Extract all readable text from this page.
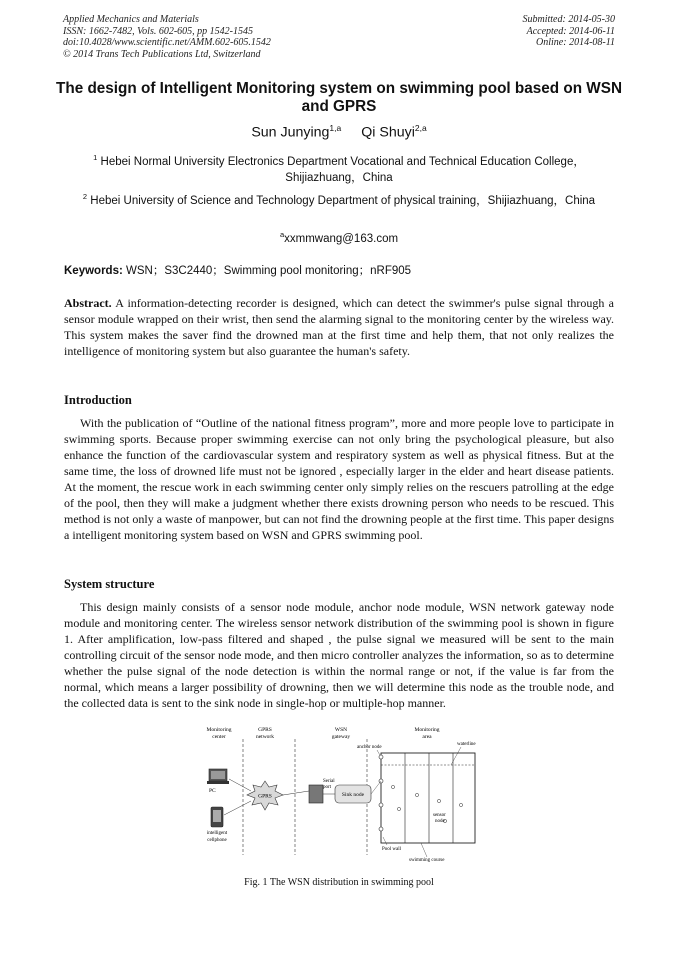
Applied Mechanics and Materials
ISSN: 1662-7482, Vols. 602-605, pp 1542-1545
doi:10.4028/www.scientific.net/AMM.602-605.1542
© 2014 Trans Tech Publications Ltd, Switzerland
Submitted: 2014-05-30
Accepted: 2014-06-11
Online: 2014-08-11
The design of Intelligent Monitoring system on swimming pool based on WSN and GPRS
Sun Junying$^{1,a}$ Qi Shuyi$^{2,a}$
$^1$ Hebei Normal University Electronics Department Vocational and Technical Education College，Shijiazhuang，China
$^2$ Hebei University of Science and Technology Department of physical training，Shijiazhuang，China
$^a$xxmmwang@163.com
Keywords: WSN；S3C2440；Swimming pool monitoring；nRF905
Abstract. A information-detecting recorder is designed, which can detect the swimmer's pulse signal through a sensor module wrapped on their wrist, then send the alarming signal to the monitoring center by the wireless way. This system makes the saver find the drowned man at the first time and help them, that not only realizes the intelligence of monitoring system but also guarantee the human's safety.
Introduction
With the publication of “Outline of the national fitness program”, more and more people love to participate in swimming sports. Because proper swimming exercise can not only bring the psychological pleasure, but also enhance the function of the cardiovascular system and respiratory system as well as physical fitness. But at the same time, the loss of drowned life must not be ignored , especially larger in the elder and heart disease patients. At the moment, the rescue work in each swimming center only simply relies on the rescuers patrolling at the edge of the pool, then they will make a judgment whether there exists drowning person who needs to be rescued. This method is not only a waste of manpower, but can not find the drowning people at the first time. This paper designs a intelligent monitoring system based on WSN and GPRS swimming pool.
System structure
This design mainly consists of a sensor node module, anchor node module, WSN network gateway node module and monitoring center. The wireless sensor network distribution of the swimming pool is shown in figure 1. After amplification, low-pass filtered and shaped , the pulse signal we measured will be sent to the main controlling circuit of the sensor node mode, and then micro controller analyzes the information, so as to determine whether the pulse signal of the node detection is within the normal range or not, if the value is far from the normal, which means a larger possibility of drowning, then we will determine this node as the trouble node, and the collected data is sent to the sink node in single-hop or multiple-hop manner.
Monitoring
center
GPRS
network
WSN
gateway
Monitoring
area
PC
intelligent
cellphone
GPRS
Serial
port
Sink node
anchor node
waterline
sensor
node
Pool wall
swimming course
Fig. 1 The WSN distribution in swimming pool
